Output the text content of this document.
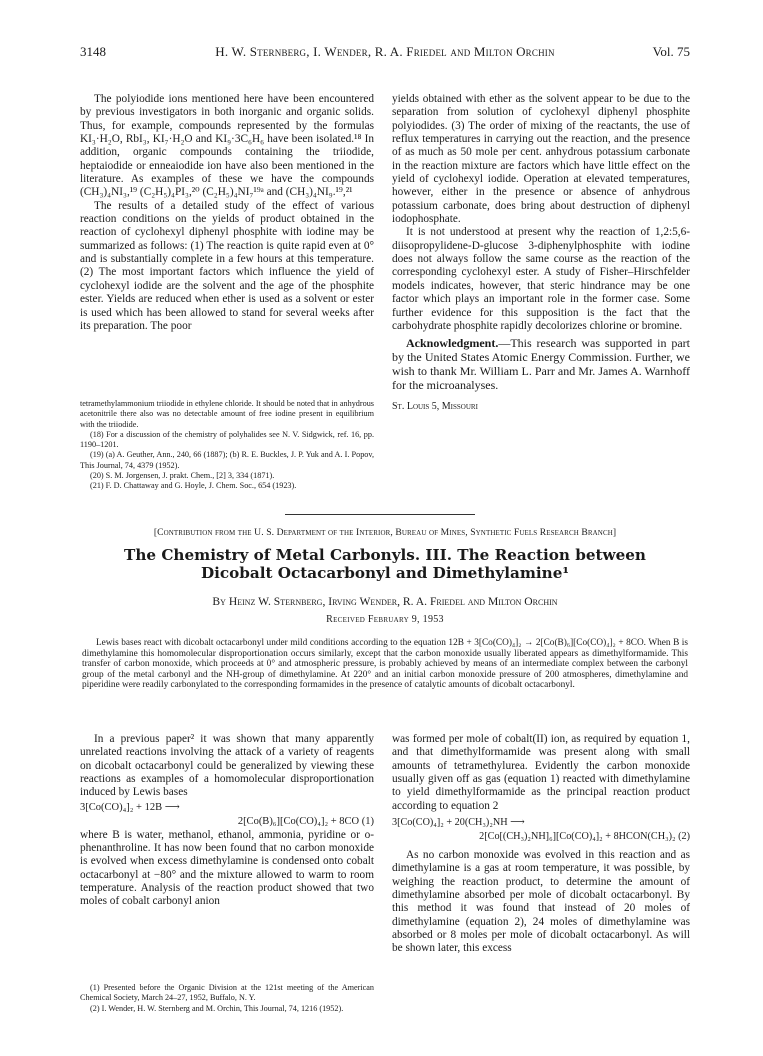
3148	H. W. Sternberg, I. Wender, R. A. Friedel and Milton Orchin	Vol. 75

The polyiodide ions mentioned here have been encountered by previous investigators in both inorganic and organic solids. Thus, for example, compounds represented by the formulas KI₃·H₂O, RbI₃, KI₇·H₂O and KI₉·3C₆H₆ have been isolated.¹⁸ In addition, organic compounds containing the triiodide, heptaiodide or enneaiodide ion have also been mentioned in the literature. As examples of these we have the compounds (CH₃)₄NI₃,¹⁹ (C₂H₅)₄PI₃,²⁰ (C₂H₅)₄NI₇¹⁹ᵃ and (CH₃)₄NI₉.¹⁹,²¹

The results of a detailed study of the effect of various reaction conditions on the yields of product obtained in the reaction of cyclohexyl diphenyl phosphite with iodine may be summarized as follows: (1) The reaction is quite rapid even at 0° and is substantially complete in a few hours at this temperature. (2) The most important factors which influence the yield of cyclohexyl iodide are the solvent and the age of the phosphite ester. Yields are reduced when ether is used as a solvent or ester is used which has been allowed to stand for several weeks after its preparation. The poor

tetramethylammonium triiodide in ethylene chloride. It should be noted that in anhydrous acetonitrile there also was no detectable amount of free iodine present in equilibrium with the triiodide.

(18) For a discussion of the chemistry of polyhalides see N. V. Sidgwick, ref. 16, pp. 1190–1201.

(19) (a) A. Geuther, Ann., 240, 66 (1887); (b) R. E. Buckles, J. P. Yuk and A. I. Popov, This Journal, 74, 4379 (1952).

(20) S. M. Jorgensen, J. prakt. Chem., [2] 3, 334 (1871).

(21) F. D. Chattaway and G. Hoyle, J. Chem. Soc., 654 (1923).

yields obtained with ether as the solvent appear to be due to the separation from solution of cyclohexyl diphenyl phosphite polyiodides. (3) The order of mixing of the reactants, the use of reflux temperatures in carrying out the reaction, and the presence of as much as 50 mole per cent. anhydrous potassium carbonate in the reaction mixture are factors which have little effect on the yield of cyclohexyl iodide. Operation at elevated temperatures, however, either in the presence or absence of anhydrous potassium carbonate, does bring about destruction of diphenyl iodophosphate.

It is not understood at present why the reaction of 1,2:5,6-diisopropylidene-D-glucose 3-diphenylphosphite with iodine does not always follow the same course as the reaction of the corresponding cyclohexyl ester. A study of Fisher–Hirschfelder models indicates, however, that steric hindrance may be one factor which plays an important role in the former case. Some further evidence for this supposition is the fact that the carbohydrate phosphite rapidly decolorizes chlorine or bromine.

Acknowledgment.—This research was supported in part by the United States Atomic Energy Commission. Further, we wish to thank Mr. William L. Parr and Mr. James A. Warnhoff for the microanalyses.

St. Louis 5, Missouri

[Contribution from the U. S. Department of the Interior, Bureau of Mines, Synthetic Fuels Research Branch]
The Chemistry of Metal Carbonyls. III. The Reaction between
Dicobalt Octacarbonyl and Dimethylamine¹
By Heinz W. Sternberg, Irving Wender, R. A. Friedel and Milton Orchin
Received February 9, 1953

Lewis bases react with dicobalt octacarbonyl under mild conditions according to the equation 12B + 3[Co(CO)₄]₂ → 2[Co(B)₆][Co(CO)₄]₂ + 8CO. When B is dimethylamine this homomolecular disproportionation occurs similarly, except that the carbon monoxide usually liberated appears as dimethylformamide. This transfer of carbon monoxide, which proceeds at 0° and atmospheric pressure, is probably achieved by means of an intermediate complex between the carbonyl group of the metal carbonyl and the NH-group of dimethylamine. At 220° and an initial carbon monoxide pressure of 200 atmospheres, dimethylamine and piperidine were readily carbonylated to the corresponding formamides in the presence of catalytic amounts of dicobalt octacarbonyl.

In a previous paper² it was shown that many apparently unrelated reactions involving the attack of a variety of reagents on dicobalt octacarbonyl could be generalized by viewing these reactions as examples of a homomolecular disproportionation induced by Lewis bases

3[Co(CO)₄]₂ + 12B ⟶
2[Co(B)₆][Co(CO)₄]₂ + 8CO (1)

where B is water, methanol, ethanol, ammonia, pyridine or o-phenanthroline. It has now been found that no carbon monoxide is evolved when excess dimethylamine is condensed onto cobalt octacarbonyl at −80° and the mixture allowed to warm to room temperature. Analysis of the reaction product showed that two moles of cobalt carbonyl anion

(1) Presented before the Organic Division at the 121st meeting of the American Chemical Society, March 24–27, 1952, Buffalo, N. Y.

(2) I. Wender, H. W. Sternberg and M. Orchin, This Journal, 74, 1216 (1952).

was formed per mole of cobalt(II) ion, as required by equation 1, and that dimethylformamide was present along with small amounts of tetramethylurea. Evidently the carbon monoxide usually given off as gas (equation 1) reacted with dimethylamine to yield dimethylformamide as the principal reaction product according to equation 2

3[Co(CO)₄]₂ + 20(CH₃)₂NH ⟶
2[Co[(CH₃)₂NH]₆][Co(CO)₄]₂ + 8HCON(CH₃)₂ (2)

As no carbon monoxide was evolved in this reaction and as dimethylamine is a gas at room temperature, it was possible, by weighing the reaction product, to determine the amount of dimethylamine absorbed per mole of dicobalt octacarbonyl. By this method it was found that instead of 20 moles of dimethylamine (equation 2), 24 moles of dimethylamine was absorbed or 8 moles per mole of dicobalt octacarbonyl. As will be shown later, this excess
